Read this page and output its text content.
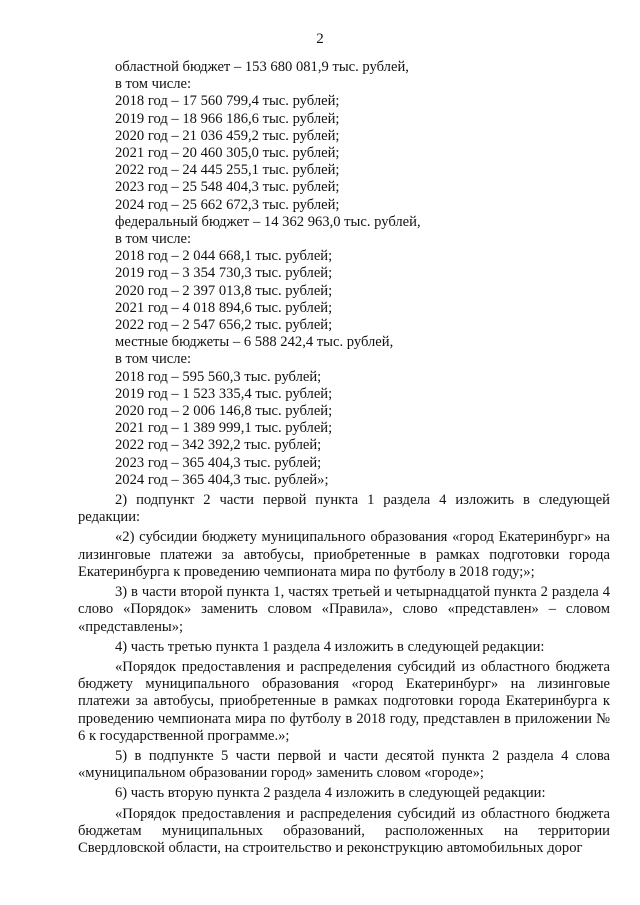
2
областной бюджет – 153 680 081,9 тыс. рублей,
в том числе:
2018 год – 17 560 799,4 тыс. рублей;
2019 год – 18 966 186,6 тыс. рублей;
2020 год – 21 036 459,2 тыс. рублей;
2021 год – 20 460 305,0 тыс. рублей;
2022 год – 24 445 255,1 тыс. рублей;
2023 год – 25 548 404,3 тыс. рублей;
2024 год – 25 662 672,3 тыс. рублей;
федеральный бюджет – 14 362 963,0 тыс. рублей,
в том числе:
2018 год – 2 044 668,1 тыс. рублей;
2019 год – 3 354 730,3 тыс. рублей;
2020 год – 2 397 013,8 тыс. рублей;
2021 год – 4 018 894,6 тыс. рублей;
2022 год – 2 547 656,2 тыс. рублей;
местные бюджеты – 6 588 242,4 тыс. рублей,
в том числе:
2018 год – 595 560,3 тыс. рублей;
2019 год – 1 523 335,4 тыс. рублей;
2020 год – 2 006 146,8 тыс. рублей;
2021 год – 1 389 999,1 тыс. рублей;
2022 год – 342 392,2 тыс. рублей;
2023 год – 365 404,3 тыс. рублей;
2024 год – 365 404,3 тыс. рублей»;

2) подпункт 2 части первой пункта 1 раздела 4 изложить в следующей редакции:

«2) субсидии бюджету муниципального образования «город Екатеринбург» на лизинговые платежи за автобусы, приобретенные в рамках подготовки города Екатеринбурга к проведению чемпионата мира по футболу в 2018 году;»;

3) в части второй пункта 1, частях третьей и четырнадцатой пункта 2 раздела 4 слово «Порядок» заменить словом «Правила», слово «представлен» – словом «представлены»;

4) часть третью пункта 1 раздела 4 изложить в следующей редакции:

«Порядок предоставления и распределения субсидий из областного бюджета бюджету муниципального образования «город Екатеринбург» на лизинговые платежи за автобусы, приобретенные в рамках подготовки города Екатеринбурга к проведению чемпионата мира по футболу в 2018 году, представлен в приложении № 6 к государственной программе.»;

5) в подпункте 5 части первой и части десятой пункта 2 раздела 4 слова «муниципальном образовании город» заменить словом «городе»;

6) часть вторую пункта 2 раздела 4 изложить в следующей редакции:

«Порядок предоставления и распределения субсидий из областного бюджета бюджетам муниципальных образований, расположенных на территории Свердловской области, на строительство и реконструкцию автомобильных дорог
